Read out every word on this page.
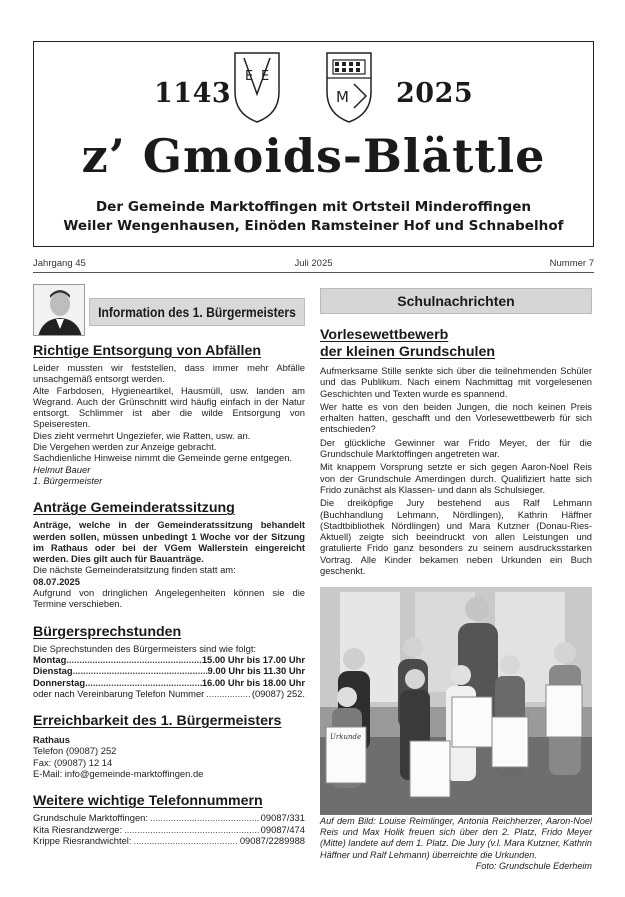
1143
E E
M 2025
z’ Gmoids-Blättle
Der Gemeinde Marktoffingen mit Ortsteil Minderoffingen
Weiler Wengenhausen, Einöden Ramsteiner Hof und Schnabelhof
Jahrgang 45	Juli 2025	Nummer 7
Information des 1. Bürgermeisters
Richtige Entsorgung von Abfällen
Leider mussten wir feststellen, dass immer mehr Abfälle unsachgemäß entsorgt werden.
Alte Farbdosen, Hygieneartikel, Hausmüll, usw. landen am Wegrand. Auch der Grünschnitt wird häufig einfach in der Natur entsorgt. Schlimmer ist aber die wilde Entsorgung von Speiseresten.
Dies zieht vermehrt Ungeziefer, wie Ratten, usw. an.
Die Vergehen werden zur Anzeige gebracht.
Sachdienliche Hinweise nimmt die Gemeinde gerne entgegen.
Helmut Bauer
1. Bürgermeister
Anträge Gemeinderatssitzung
Anträge, welche in der Gemeinderatssitzung behandelt werden sollen, müssen unbedingt 1 Woche vor der Sitzung im Rathaus oder bei der VGem Wallerstein eingereicht werden. Dies gilt auch für Bauanträge.
Die nächste Gemeinderatsitzung finden statt am:
08.07.2025
Aufgrund von dringlichen Angelegenheiten können sie die Termine verschieben.
Bürgersprechstunden
Die Sprechstunden des Bürgermeisters sind wie folgt:
Montag .....	15.00 Uhr bis 17.00 Uhr
Dienstag .....	9.00 Uhr bis 11.30 Uhr
Donnerstag .....	16.00 Uhr bis 18.00 Uhr
oder nach Vereinbarung Telefon Nummer .....	(09087) 252.
Erreichbarkeit des 1. Bürgermeisters
Rathaus
Telefon (09087) 252
Fax: (09087) 12 14
E-Mail: info@gemeinde-marktoffingen.de
Weitere wichtige Telefonnummern
Grundschule Marktoffingen: .....	09087/331
Kita Riesrandzwerge: .....	09087/474
Krippe Riesrandwichtel: .....	09087/2289988
Schulnachrichten
Vorlesewettbewerb
der kleinen Grundschulen
Aufmerksame Stille senkte sich über die teilnehmenden Schüler und das Publikum. Nach einem Nachmittag mit vorgelesenen Geschichten und Texten wurde es spannend.
Wer hatte es von den beiden Jungen, die noch keinen Preis erhalten hatten, geschafft und den Vorlesewettbewerb für sich entschieden?
Der glückliche Gewinner war Frido Meyer, der für die Grundschule Marktoffingen angetreten war.
Mit knappem Vorsprung setzte er sich gegen Aaron-Noel Reis von der Grundschule Amerdingen durch. Qualifiziert hatte sich Frido zunächst als Klassen- und dann als Schulsieger.
Die dreiköpfige Jury bestehend aus Ralf Lehmann (Buchhandlung Lehmann, Nördlingen), Kathrin Häffner (Stadtbibliothek Nördlingen) und Mara Kutzner (Donau-Ries-Aktuell) zeigte sich beeindruckt von allen Leistungen und gratulierte Frido ganz besonders zu seinem ausdrucksstarken Vortrag. Alle Kinder bekamen neben Urkunden ein Buch geschenkt.
Urkunde
Auf dem Bild: Louise Reimlinger, Antonia Reichherzer, Aaron-Noel Reis und Max Holik freuen sich über den 2. Platz, Frido Meyer (Mitte) landete auf dem 1. Platz. Die Jury (v.l. Mara Kutzner, Kathrin Häffner und Ralf Lehmann) überreichte die Urkunden.
Foto: Grundschule Ederheim
